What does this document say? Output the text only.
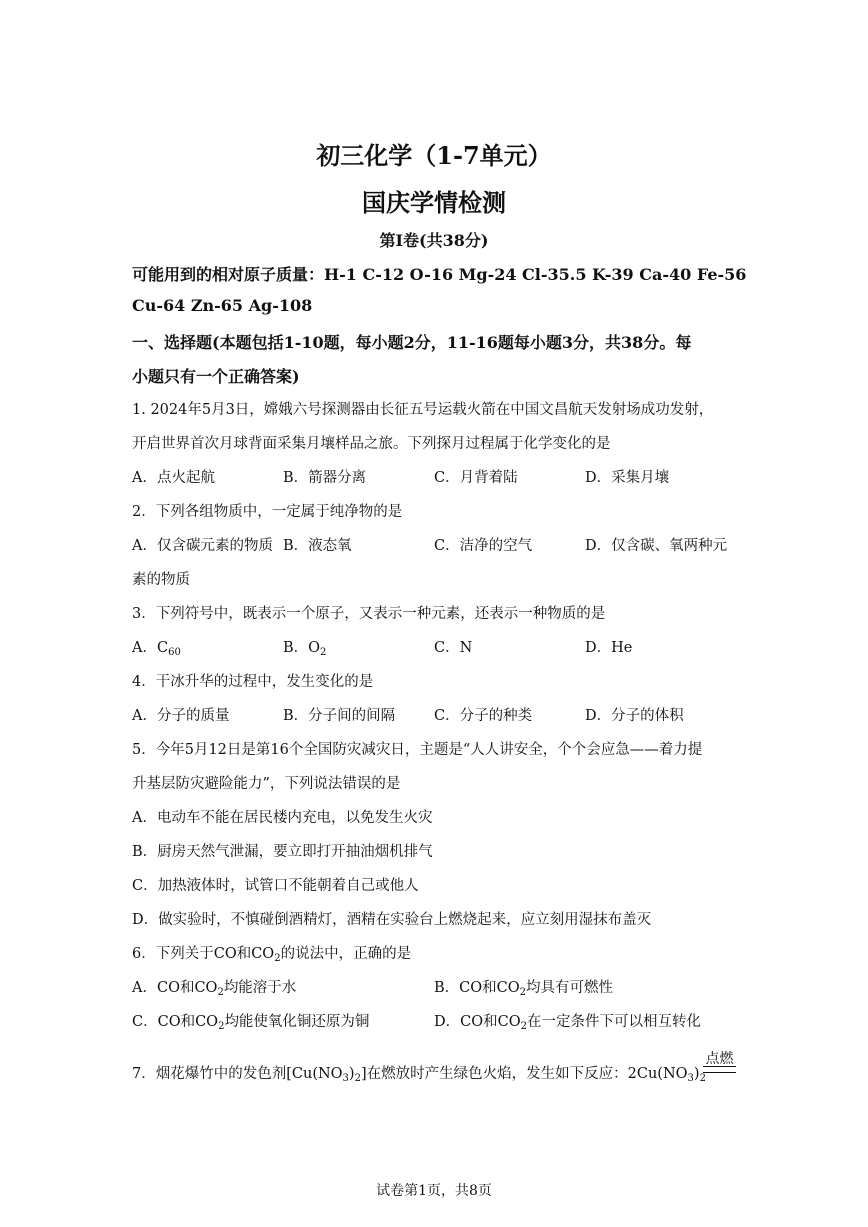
初三化学（1-7单元）
国庆学情检测
第I卷(共38分)
可能用到的相对原子质量：H-1 C-12 O-16 Mg-24 Cl-35.5 K-39 Ca-40 Fe-56
Cu-64 Zn-65 Ag-108
一、选择题(本题包括1-10题，每小题2分，11-16题每小题3分，共38分。每
小题只有一个正确答案)
1. 2024年5月3日，嫦娥六号探测器由长征五号运载火箭在中国文昌航天发射场成功发射，
开启世界首次月球背面采集月壤样品之旅。下列探月过程属于化学变化的是
A．点火起航	B．箭器分离	C．月背着陆	D．采集月壤
2．下列各组物质中，一定属于纯净物的是
A．仅含碳元素的物质 B．液态氧	C．洁净的空气	D．仅含碳、氧两种元
素的物质
3．下列符号中，既表示一个原子，又表示一种元素，还表示一种物质的是
A．$C_{60}$	B．$O_2$	C．N	D．He
4．干冰升华的过程中，发生变化的是
A．分子的质量	B．分子间的间隔	C．分子的种类	D．分子的体积
5．今年5月12日是第16个全国防灾减灾日，主题是“人人讲安全，个个会应急——着力提
升基层防灾避险能力”，下列说法错误的是
A．电动车不能在居民楼内充电，以免发生火灾
B．厨房天然气泄漏，要立即打开抽油烟机排气
C．加热液体时，试管口不能朝着自己或他人
D．做实验时，不慎碰倒酒精灯，酒精在实验台上燃烧起来，应立刻用湿抹布盖灭
6．下列关于CO和$CO_2$的说法中，正确的是
A．CO和$CO_2$均能溶于水	B．CO和$CO_2$均具有可燃性
C．CO和$CO_2$均能使氧化铜还原为铜	D．CO和$CO_2$在一定条件下可以相互转化
7．烟花爆竹中的发色剂$[Cu(NO_3)_2]$在燃放时产生绿色火焰，发生如下反应：$2Cu(NO_3)_2$
点燃
试卷第1页，共8页
